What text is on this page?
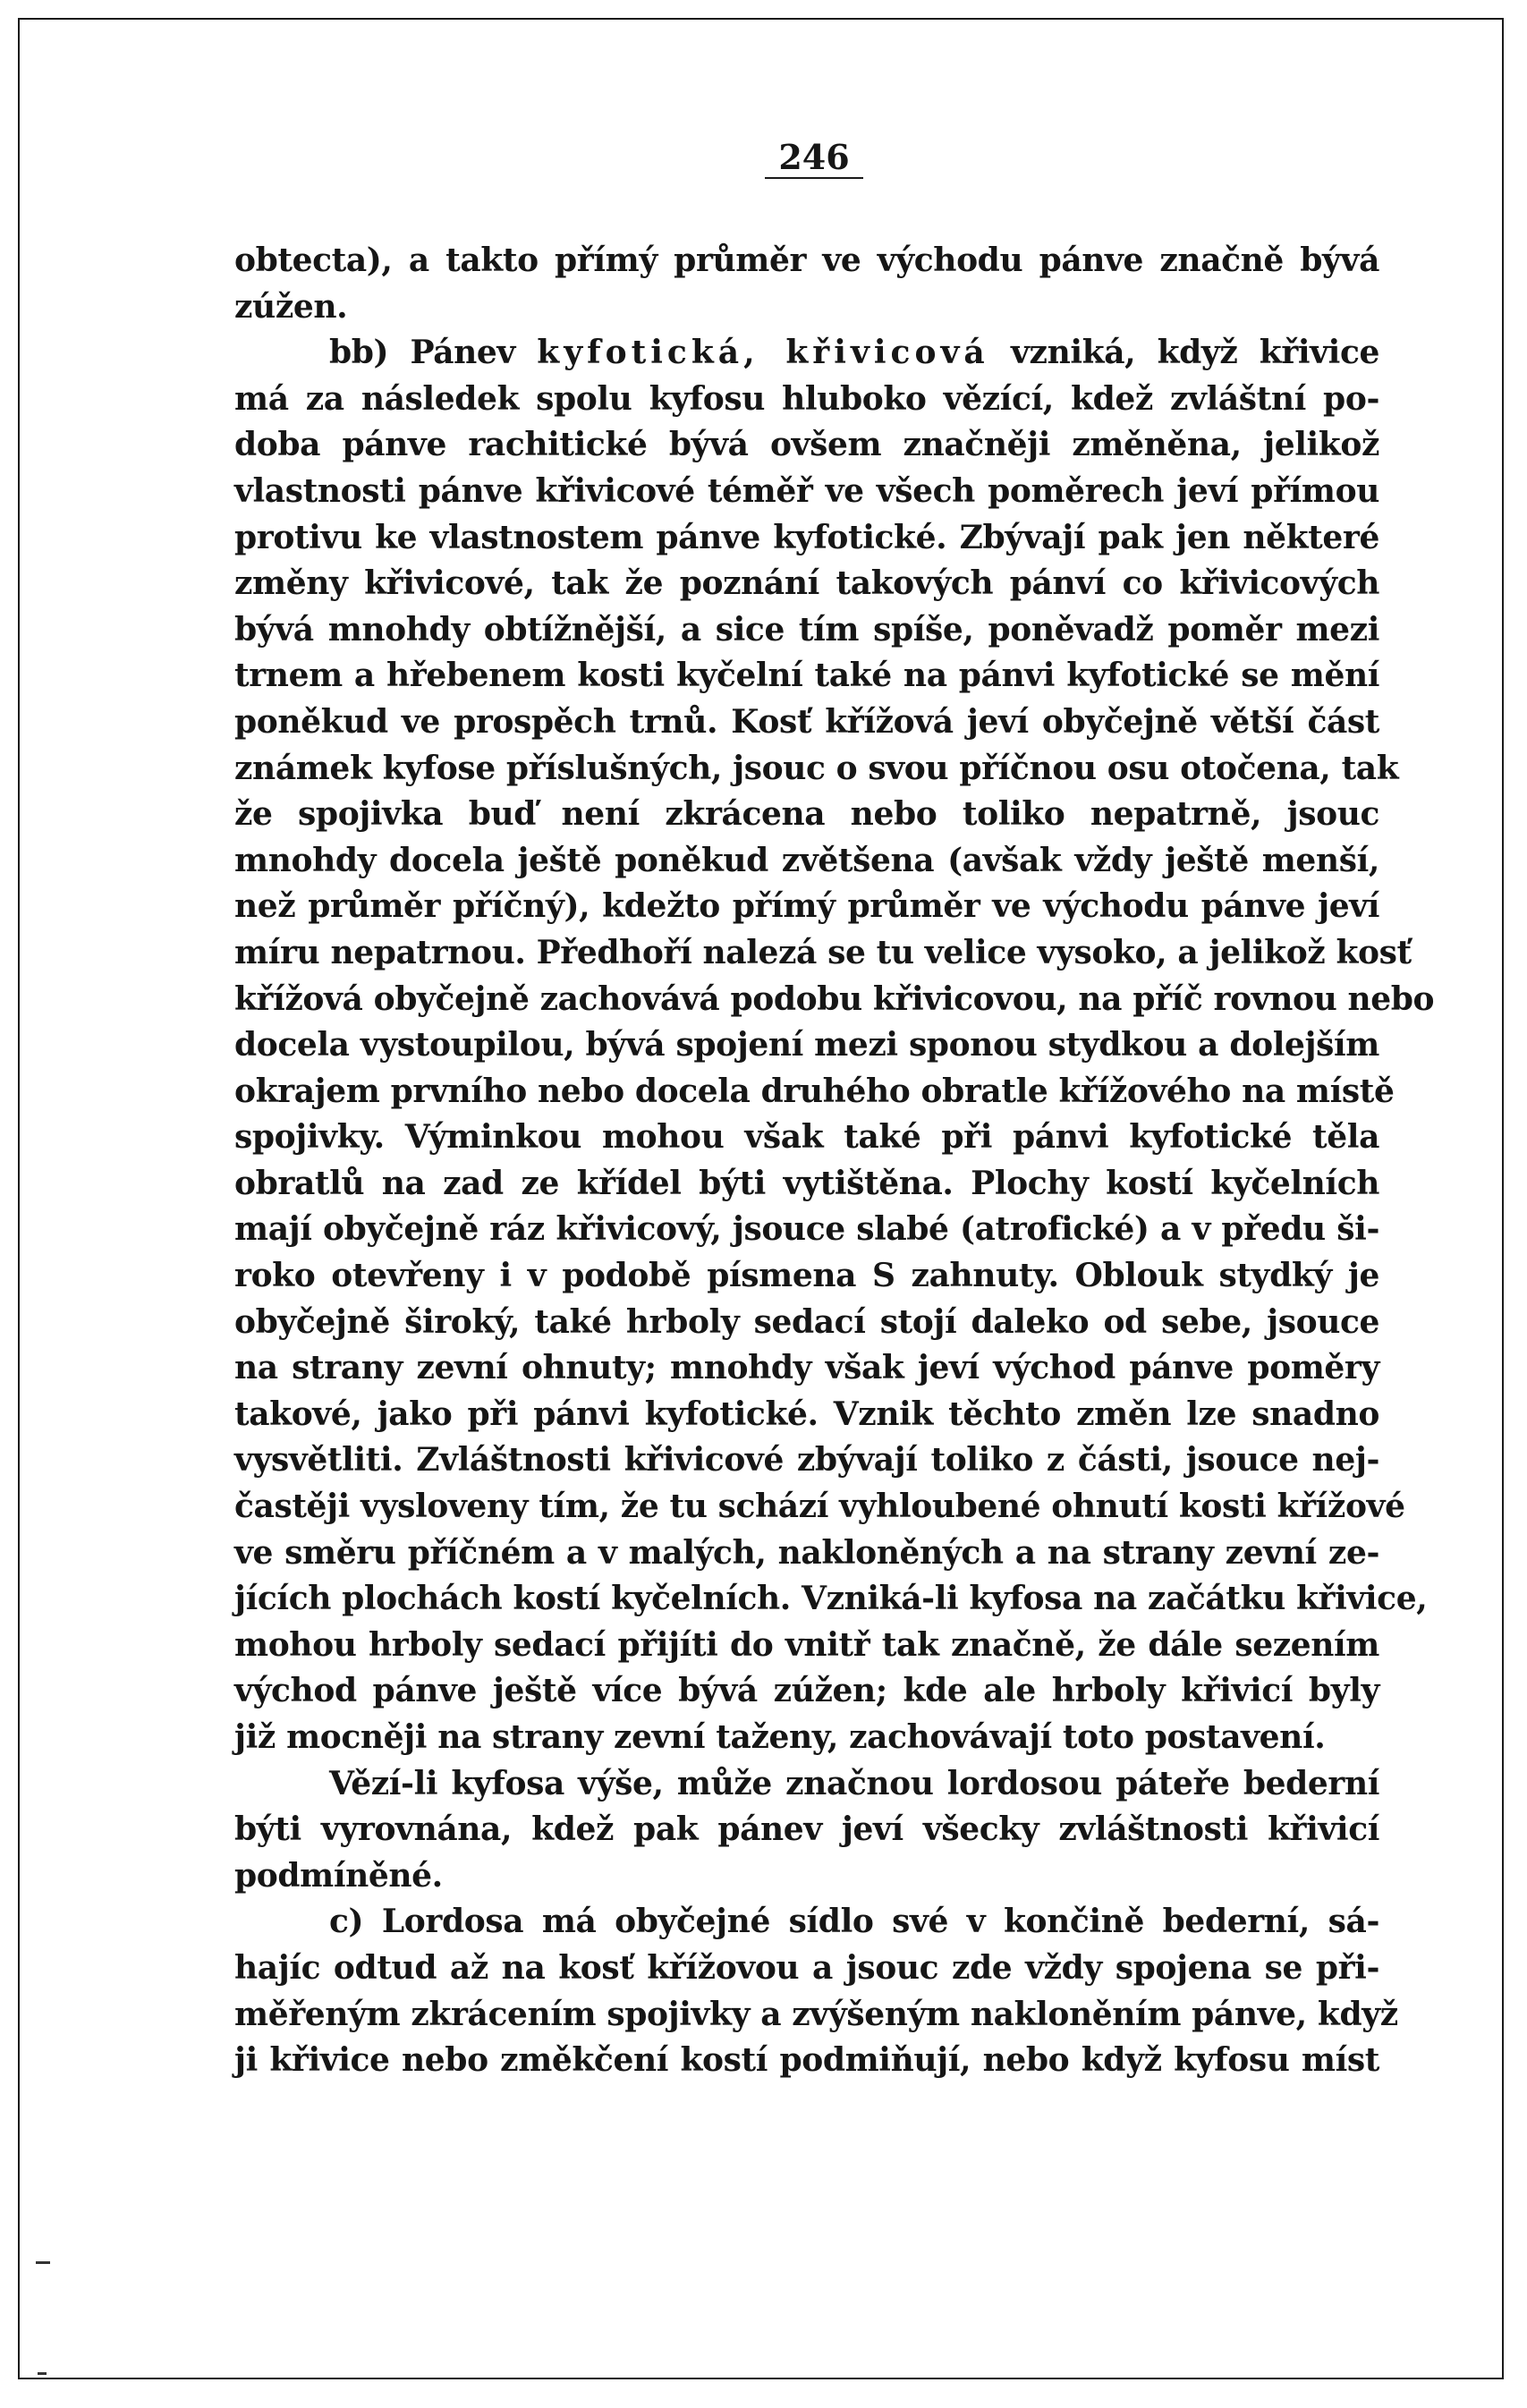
246
obtecta), a takto přímý průměr ve východu pánve značně bývá
zúžen.
bb) Pánev kyfotická, křivicová vzniká, když křivice
má za následek spolu kyfosu hluboko vězící, kdež zvláštní po-
doba pánve rachitické bývá ovšem značněji změněna, jelikož
vlastnosti pánve křivicové téměř ve všech poměrech jeví přímou
protivu ke vlastnostem pánve kyfotické. Zbývají pak jen některé
změny křivicové, tak že poznání takových pánví co křivicových
bývá mnohdy obtížnější, a sice tím spíše, poněvadž poměr mezi
trnem a hřebenem kosti kyčelní také na pánvi kyfotické se mění
poněkud ve prospěch trnů. Kosť křížová jeví obyčejně větší část
známek kyfose příslušných, jsouc o svou příčnou osu otočena, tak
že spojivka buď není zkrácena nebo toliko nepatrně, jsouc
mnohdy docela ještě poněkud zvětšena (avšak vždy ještě menší,
než průměr příčný), kdežto přímý průměr ve východu pánve jeví
míru nepatrnou. Předhoří nalezá se tu velice vysoko, a jelikož kosť
křížová obyčejně zachovává podobu křivicovou, na příč rovnou nebo
docela vystoupilou, bývá spojení mezi sponou stydkou a dolejším
okrajem prvního nebo docela druhého obratle křížového na místě
spojivky. Výminkou mohou však také při pánvi kyfotické těla
obratlů na zad ze křídel býti vytištěna. Plochy kostí kyčelních
mají obyčejně ráz křivicový, jsouce slabé (atrofické) a v předu ši-
roko otevřeny i v podobě písmena S zahnuty. Oblouk stydký je
obyčejně široký, také hrboly sedací stojí daleko od sebe, jsouce
na strany zevní ohnuty; mnohdy však jeví východ pánve poměry
takové, jako při pánvi kyfotické. Vznik těchto změn lze snadno
vysvětliti. Zvláštnosti křivicové zbývají toliko z části, jsouce nej-
častěji vysloveny tím, že tu schází vyhloubené ohnutí kosti křížové
ve směru příčném a v malých, nakloněných a na strany zevní ze-
jících plochách kostí kyčelních. Vzniká-li kyfosa na začátku křivice,
mohou hrboly sedací přijíti do vnitř tak značně, že dále sezením
východ pánve ještě více bývá zúžen; kde ale hrboly křivicí byly
již mocněji na strany zevní taženy, zachovávají toto postavení.
Vězí-li kyfosa výše, může značnou lordosou páteře bederní
býti vyrovnána, kdež pak pánev jeví všecky zvláštnosti křivicí
podmíněné.
c) Lordosa má obyčejné sídlo své v končině bederní, sá-
hajíc odtud až na kosť křížovou a jsouc zde vždy spojena se při-
měřeným zkrácením spojivky a zvýšeným nakloněním pánve, když
ji křivice nebo změkčení kostí podmiňují, nebo když kyfosu míst
